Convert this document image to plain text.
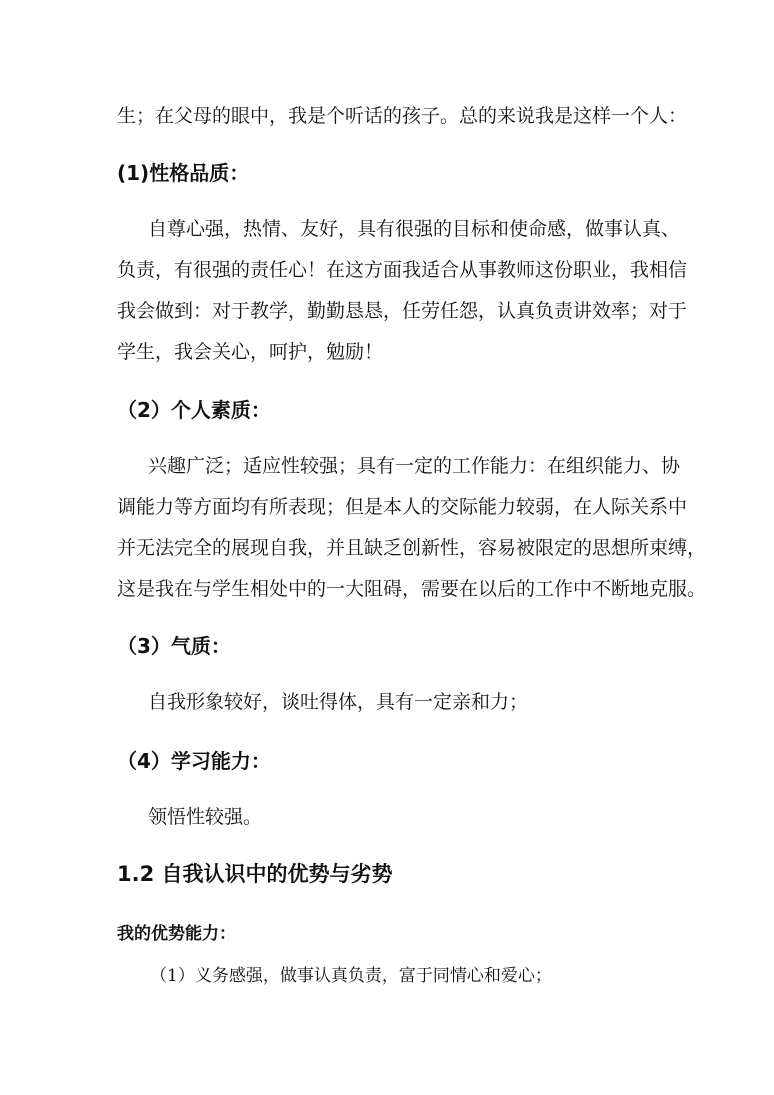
生；在父母的眼中，我是个听话的孩子。总的来说我是这样一个人：
(1)性格品质：
自尊心强，热情、友好，具有很强的目标和使命感，做事认真、
负责，有很强的责任心！在这方面我适合从事教师这份职业，我相信
我会做到：对于教学，勤勤恳恳，任劳任怨，认真负责讲效率；对于
学生，我会关心，呵护，勉励！
（2）个人素质：
兴趣广泛；适应性较强；具有一定的工作能力：在组织能力、协
调能力等方面均有所表现；但是本人的交际能力较弱，在人际关系中
并无法完全的展现自我，并且缺乏创新性，容易被限定的思想所束缚，
这是我在与学生相处中的一大阻碍，需要在以后的工作中不断地克服。
（3）气质：
自我形象较好，谈吐得体，具有一定亲和力；
（4）学习能力：
领悟性较强。
1.2 自我认识中的优势与劣势
我的优势能力：
（1）义务感强，做事认真负责，富于同情心和爱心；
